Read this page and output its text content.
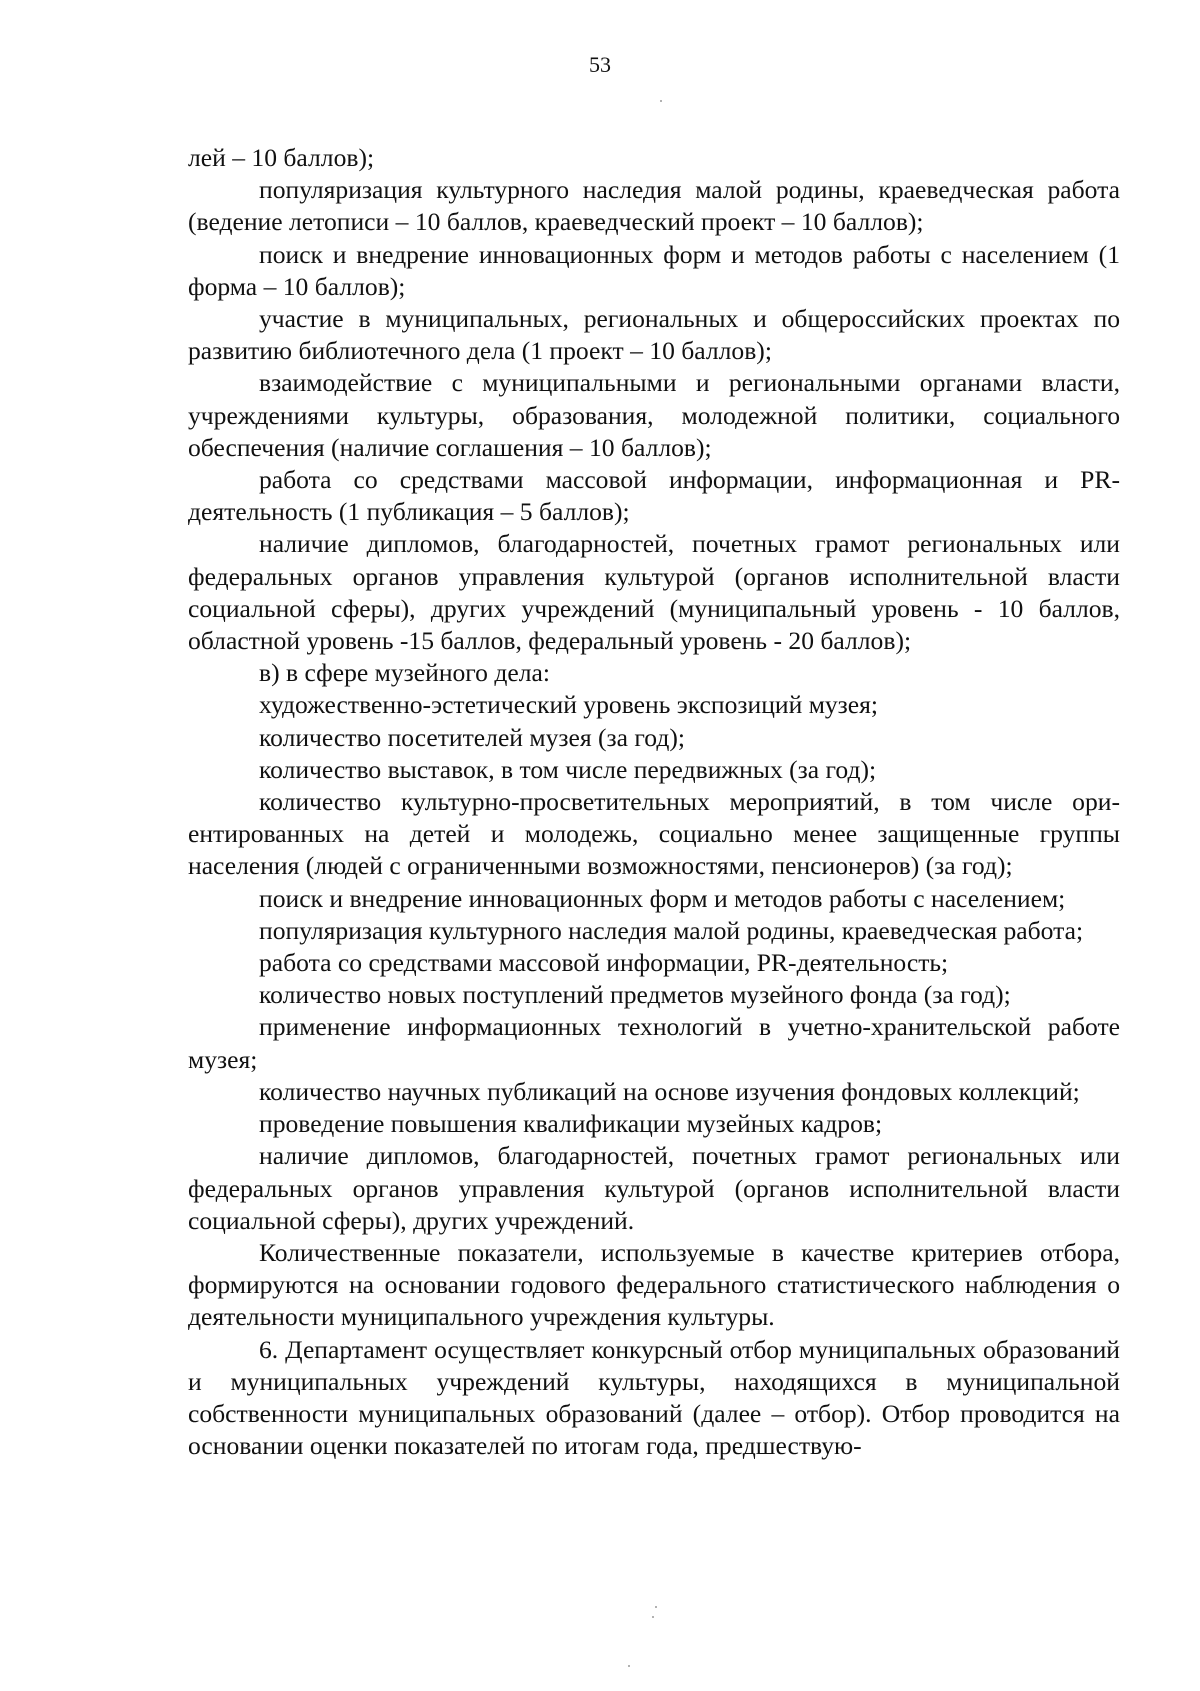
53

лей – 10 баллов);

популяризация культурного наследия малой родины, краеведческая работа (ведение летописи – 10 баллов, краеведческий проект – 10 баллов);

поиск и внедрение инновационных форм и методов работы с населением (1 форма – 10 баллов);

участие в муниципальных, региональных и общероссийских проектах по развитию библиотечного дела (1 проект – 10 баллов);

взаимодействие с муниципальными и региональными органами власти, учреждениями культуры, образования, молодежной политики, социального обеспечения (наличие соглашения – 10 баллов);

работа со средствами массовой информации, информационная и PR-деятельность (1 публикация – 5 баллов);

наличие дипломов, благодарностей, почетных грамот региональных или федеральных органов управления культурой (органов исполнительной власти социальной сферы), других учреждений (муниципальный уровень - 10 баллов, областной уровень -15 баллов, федеральный уровень - 20 баллов);

в) в сфере музейного дела:

художественно-эстетический уровень экспозиций музея;

количество посетителей музея (за год);

количество выставок, в том числе передвижных (за год);

количество культурно-просветительных мероприятий, в том числе ориентированных на детей и молодежь, социально менее защищенные группы населения (людей с ограниченными возможностями, пенсионеров) (за год);

поиск и внедрение инновационных форм и методов работы с населением;

популяризация культурного наследия малой родины, краеведческая работа;

работа со средствами массовой информации, PR-деятельность;

количество новых поступлений предметов музейного фонда (за год);

применение информационных технологий в учетно-хранительской работе музея;

количество научных публикаций на основе изучения фондовых коллекций;

проведение повышения квалификации музейных кадров;

наличие дипломов, благодарностей, почетных грамот региональных или федеральных органов управления культурой (органов исполнительной власти социальной сферы), других учреждений.

Количественные показатели, используемые в качестве критериев отбора, формируются на основании годового федерального статистического наблюдения о деятельности муниципального учреждения культуры.

6. Департамент осуществляет конкурсный отбор муниципальных образований и муниципальных учреждений культуры, находящихся в муниципальной собственности муниципальных образований (далее – отбор). Отбор проводится на основании оценки показателей по итогам года, предшествую-
